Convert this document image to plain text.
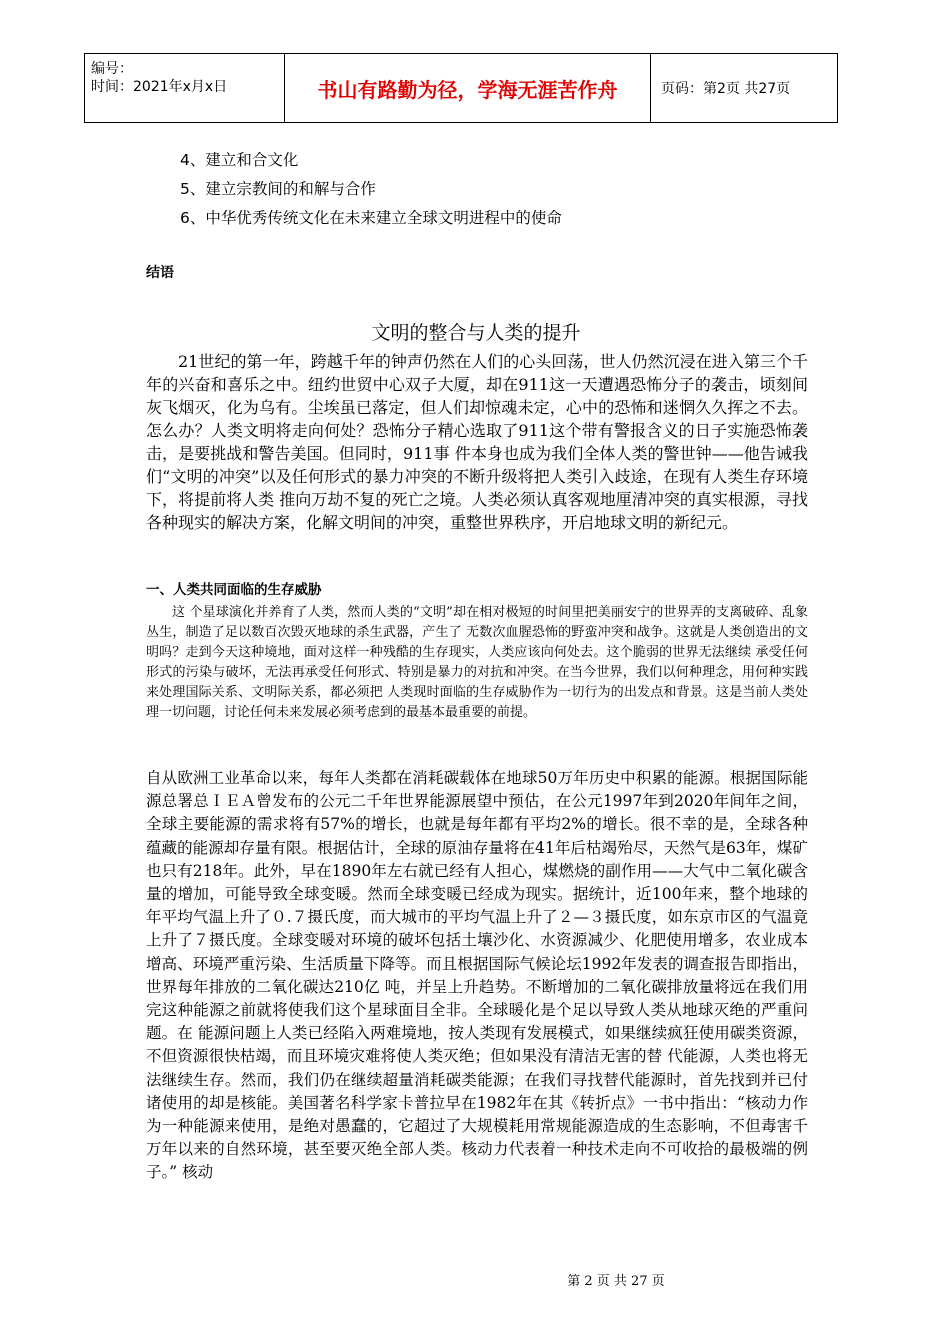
编号：
时间：2021年x月x日	书山有路勤为径，学海无涯苦作舟	页码：第2页 共27页
4、建立和合文化
5、建立宗教间的和解与合作
6、中华优秀传统文化在未来建立全球文明进程中的使命
结语
文明的整合与人类的提升

21世纪的第一年，跨越千年的钟声仍然在人们的心头回荡，世人仍然沉浸在进入第三个千年的兴奋和喜乐之中。纽约世贸中心双子大厦，却在911这一天遭遇恐怖分子的袭击，顷刻间灰飞烟灭，化为乌有。尘埃虽已落定，但人们却惊魂未定，心中的恐怖和迷惘久久挥之不去。怎么办？人类文明将走向何处？恐怖分子精心选取了911这个带有警报含义的日子实施恐怖袭击，是要挑战和警告美国。但同时，911事 件本身也成为我们全体人类的警世钟——他告诫我们“文明的冲突”以及任何形式的暴力冲突的不断升级将把人类引入歧途，在现有人类生存环境下，将提前将人类 推向万劫不复的死亡之境。人类必须认真客观地厘清冲突的真实根源，寻找各种现实的解决方案，化解文明间的冲突，重整世界秩序，开启地球文明的新纪元。

一、人类共同面临的生存威胁

这 个星球演化并养育了人类，然而人类的“文明”却在相对极短的时间里把美丽安宁的世界弄的支离破碎、乱象丛生，制造了足以数百次毁灭地球的杀生武器，产生了 无数次血腥恐怖的野蛮冲突和战争。这就是人类创造出的文明吗？走到今天这种境地，面对这样一种残酷的生存现实，人类应该向何处去。这个脆弱的世界无法继续 承受任何形式的污染与破坏，无法再承受任何形式、特别是暴力的对抗和冲突。在当今世界，我们以何种理念，用何种实践来处理国际关系、文明际关系，都必须把 人类现时面临的生存威胁作为一切行为的出发点和背景。这是当前人类处理一切问题，讨论任何未来发展必须考虑到的最基本最重要的前提。

自从欧洲工业革命以来，每年人类都在消耗碳载体在地球50万年历史中积累的能源。根据国际能源总署总ＩＥＡ曾发布的公元二千年世界能源展望中预估，在公元1997年到2020年间年之间，全球主要能源的需求将有57%的增长，也就是每年都有平均2%的增长。很不幸的是，全球各种蕴藏的能源却存量有限。根据估计，全球的原油存量将在41年后枯竭殆尽，天然气是63年，煤矿也只有218年。此外，早在1890年左右就已经有人担心，煤燃烧的副作用——大气中二氧化碳含量的增加，可能导致全球变暖。然而全球变暖已经成为现实。据统计，近100年来，整个地球的年平均气温上升了０.７摄氏度，而大城市的平均气温上升了２—３摄氏度，如东京市区的气温竟上升了７摄氏度。全球变暖对环境的破坏包括土壤沙化、水资源减少、化肥使用增多，农业成本增高、环境严重污染、生活质量下降等。而且根据国际气候论坛1992年发表的调查报告即指出，世界每年排放的二氧化碳达210亿 吨，并呈上升趋势。不断增加的二氧化碳排放量将远在我们用完这种能源之前就将使我们这个星球面目全非。全球暖化是个足以导致人类从地球灭绝的严重问题。在 能源问题上人类已经陷入两难境地，按人类现有发展模式，如果继续疯狂使用碳类资源，不但资源很快枯竭，而且环境灾难将使人类灭绝；但如果没有清洁无害的替 代能源，人类也将无法继续生存。然而，我们仍在继续超量消耗碳类能源；在我们寻找替代能源时，首先找到并已付诸使用的却是核能。美国著名科学家卡普拉早在1982年在其《转折点》一书中指出：“核动力作为一种能源来使用，是绝对愚蠢的，它超过了大规模耗用常规能源造成的生态影响，不但毒害千万年以来的自然环境，甚至要灭绝全部人类。核动力代表着一种技术走向不可收拾的最极端的例子。” 核动

第 2 页 共 27 页
